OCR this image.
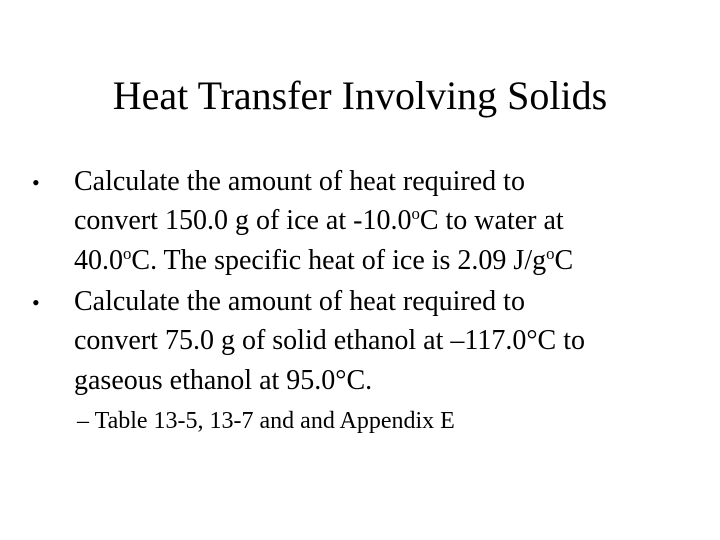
Heat Transfer Involving Solids
• Calculate the amount of heat required to
convert 150.0 g of ice at -10.0$^o$C to water at
40.0$^o$C. The specific heat of ice is 2.09 $J/g^oC$
• Calculate the amount of heat required to
convert 75.0 g of solid ethanol at –117.0°C to
gaseous ethanol at 95.0°C.
– Table 13-5, 13-7 and and Appendix E
